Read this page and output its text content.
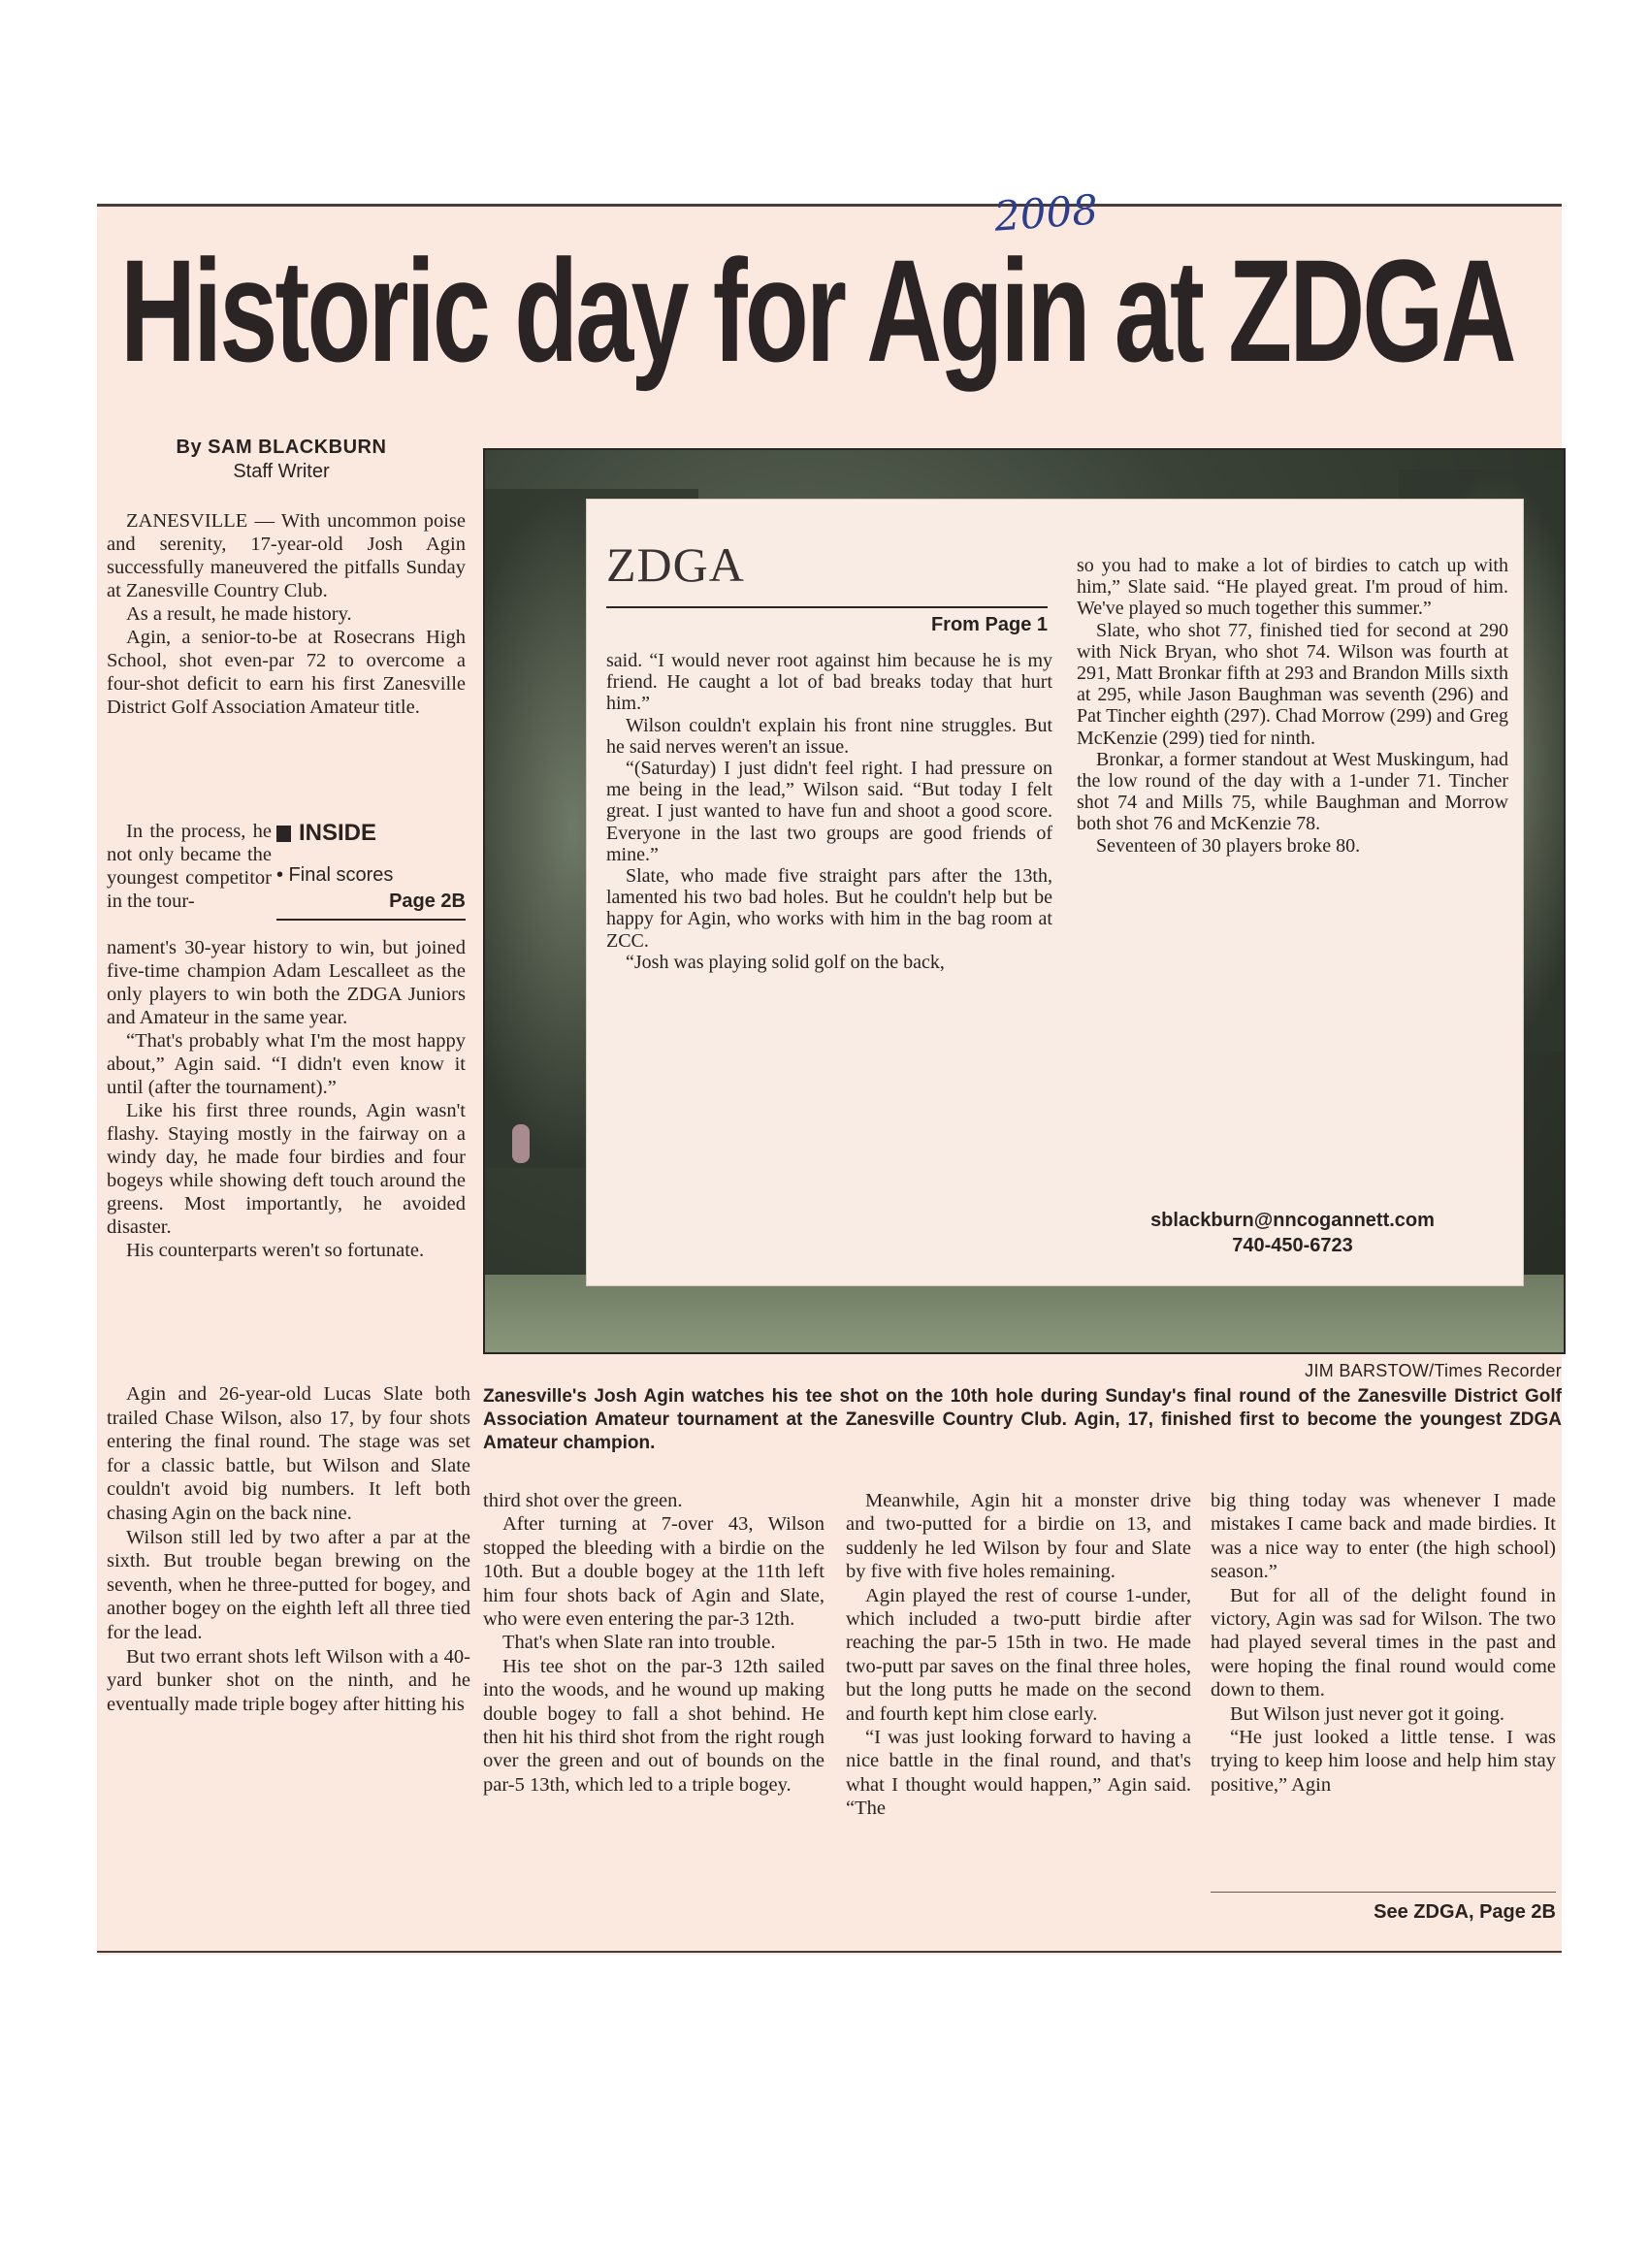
Historic day for Agin at ZDGA
By SAM BLACKBURN
Staff Writer

ZANESVILLE — With uncommon poise and serenity, 17-year-old Josh Agin successfully maneuvered the pitfalls Sunday at Zanesville Country Club.

As a result, he made history.

Agin, a senior-to-be at Rosecrans High School, shot even-par 72 to overcome a four-shot deficit to earn his first Zanesville District Golf Association Amateur title.

In the process, he not only became the youngest competitor in the tour-

INSIDE
• Final scores
Page 2B

nament's 30-year history to win, but joined five-time champion Adam Lescalleet as the only players to win both the ZDGA Juniors and Amateur in the same year.

“That's probably what I'm the most happy about,” Agin said. “I didn't even know it until (after the tournament).”

Like his first three rounds, Agin wasn't flashy. Staying mostly in the fairway on a windy day, he made four birdies and four bogeys while showing deft touch around the greens. Most importantly, he avoided disaster.

His counterparts weren't so fortunate.

Agin and 26-year-old Lucas Slate both trailed Chase Wilson, also 17, by four shots entering the final round. The stage was set for a classic battle, but Wilson and Slate couldn't avoid big numbers. It left both chasing Agin on the back nine.

Wilson still led by two after a par at the sixth. But trouble began brewing on the seventh, when he three-putted for bogey, and another bogey on the eighth left all three tied for the lead.

But two errant shots left Wilson with a 40-yard bunker shot on the ninth, and he eventually made triple bogey after hitting his

ZDGA
From Page 1

said. “I would never root against him because he is my friend. He caught a lot of bad breaks today that hurt him.”

Wilson couldn't explain his front nine struggles. But he said nerves weren't an issue.

“(Saturday) I just didn't feel right. I had pressure on me being in the lead,” Wilson said. “But today I felt great. I just wanted to have fun and shoot a good score. Everyone in the last two groups are good friends of mine.”

Slate, who made five straight pars after the 13th, lamented his two bad holes. But he couldn't help but be happy for Agin, who works with him in the bag room at ZCC.

“Josh was playing solid golf on the back,

so you had to make a lot of birdies to catch up with him,” Slate said. “He played great. I'm proud of him. We've played so much together this summer.”

Slate, who shot 77, finished tied for second at 290 with Nick Bryan, who shot 74. Wilson was fourth at 291, Matt Bronkar fifth at 293 and Brandon Mills sixth at 295, while Jason Baughman was seventh (296) and Pat Tincher eighth (297). Chad Morrow (299) and Greg McKenzie (299) tied for ninth.

Bronkar, a former standout at West Muskingum, had the low round of the day with a 1-under 71. Tincher shot 74 and Mills 75, while Baughman and Morrow both shot 76 and McKenzie 78.

Seventeen of 30 players broke 80.

sblackburn@nncogannett.com
740-450-6723
JIM BARSTOW/Times Recorder
Zanesville's Josh Agin watches his tee shot on the 10th hole during Sunday's final round of the Zanesville District Golf Association Amateur tournament at the Zanesville Country Club. Agin, 17, finished first to become the youngest ZDGA Amateur champion.

third shot over the green.

After turning at 7-over 43, Wilson stopped the bleeding with a birdie on the 10th. But a double bogey at the 11th left him four shots back of Agin and Slate, who were even entering the par-3 12th.

That's when Slate ran into trouble.

His tee shot on the par-3 12th sailed into the woods, and he wound up making double bogey to fall a shot behind. He then hit his third shot from the right rough over the green and out of bounds on the par-5 13th, which led to a triple bogey.

Meanwhile, Agin hit a monster drive and two-putted for a birdie on 13, and suddenly he led Wilson by four and Slate by five with five holes remaining.

Agin played the rest of course 1-under, which included a two-putt birdie after reaching the par-5 15th in two. He made two-putt par saves on the final three holes, but the long putts he made on the second and fourth kept him close early.

“I was just looking forward to having a nice battle in the final round, and that's what I thought would happen,” Agin said. “The

big thing today was whenever I made mistakes I came back and made birdies. It was a nice way to enter (the high school) season.”

But for all of the delight found in victory, Agin was sad for Wilson. The two had played several times in the past and were hoping the final round would come down to them.

But Wilson just never got it going.

“He just looked a little tense. I was trying to keep him loose and help him stay positive,” Agin

See ZDGA, Page 2B
2008
